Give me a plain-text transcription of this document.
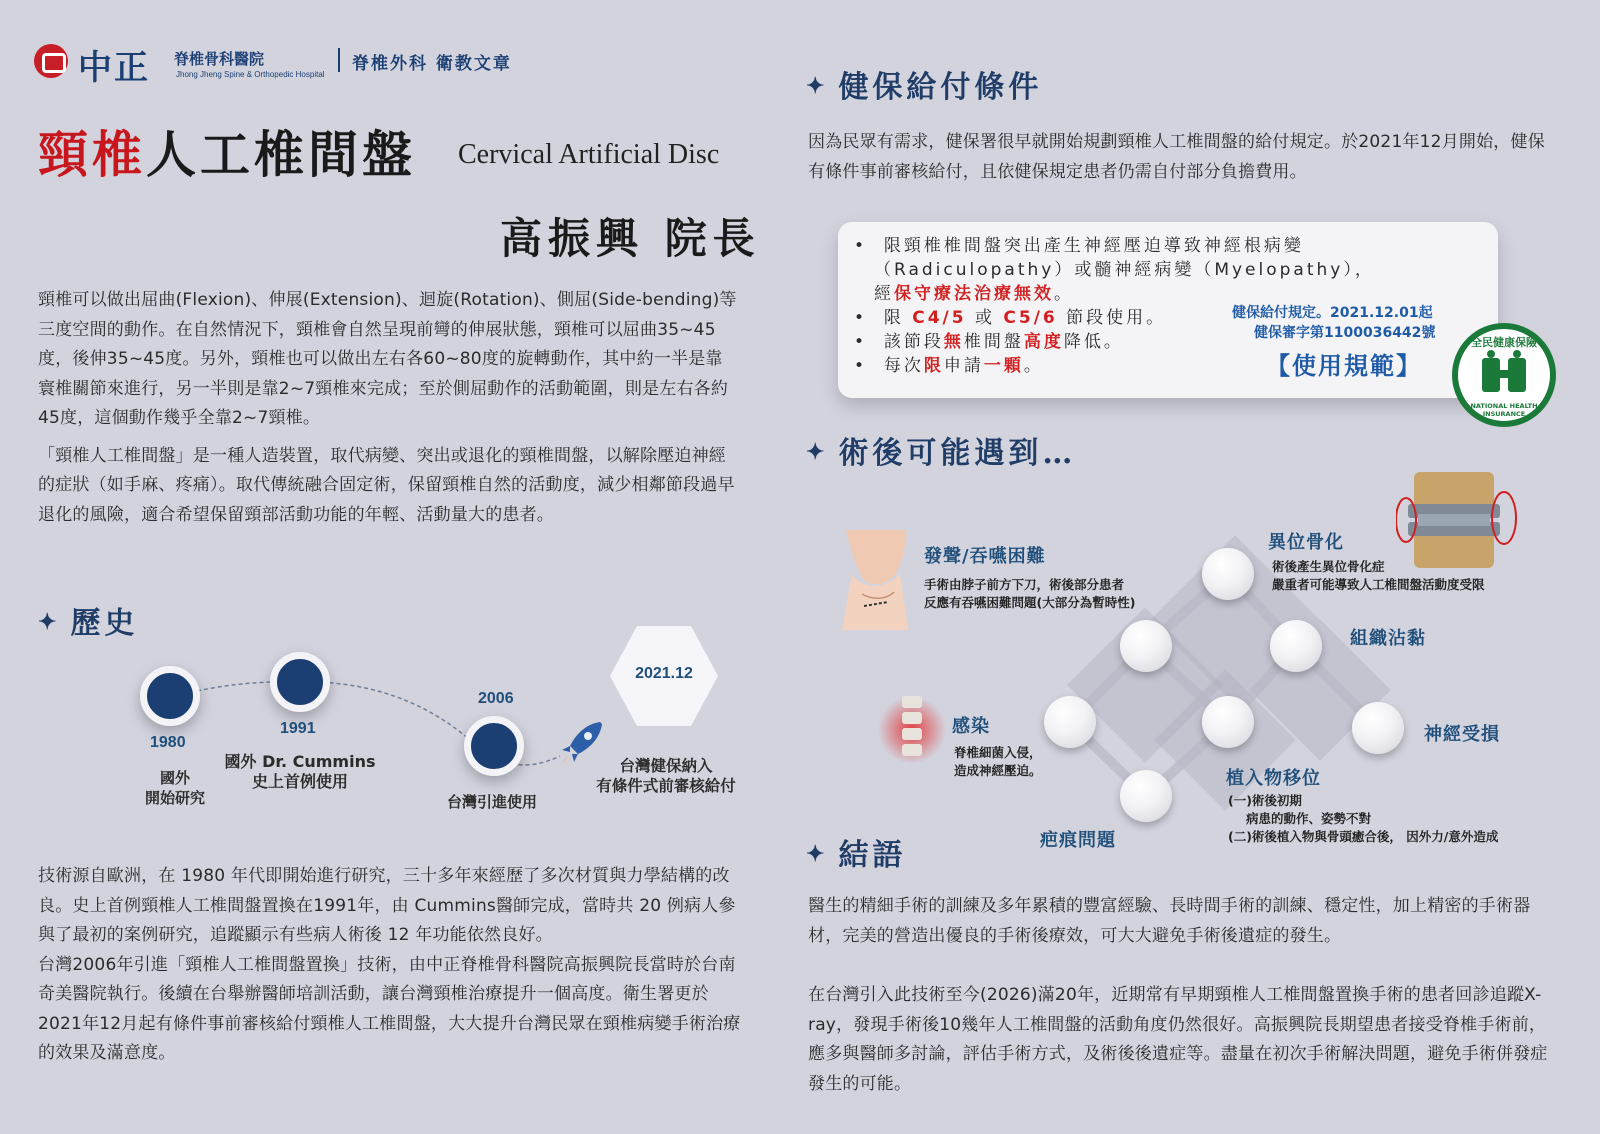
中正 脊椎骨科醫院
Jhong Jheng Spine & Orthopedic Hospital
脊椎外科 衛教文章
頸椎人工椎間盤 Cervical Artificial Disc
高振興 院長

頸椎可以做出屈曲(Flexion)、伸展(Extension)、迴旋(Rotation)、側屈(Side-bending)等三度空間的動作。在自然情況下，頸椎會自然呈現前彎的伸展狀態，頸椎可以屈曲35~45度，後伸35~45度。另外，頸椎也可以做出左右各60~80度的旋轉動作，其中約一半是靠寰椎關節來進行，另一半則是靠2~7頸椎來完成；至於側屈動作的活動範圍，則是左右各約45度，這個動作幾乎全靠2~7頸椎。

「頸椎人工椎間盤」是一種人造裝置，取代病變、突出或退化的頸椎間盤，以解除壓迫神經的症狀（如手麻、疼痛）。取代傳統融合固定術，保留頸椎自然的活動度，減少相鄰節段過早退化的風險，適合希望保留頸部活動功能的年輕、活動量大的患者。

✦ 歷史
1980
國外
開始研究
1991
國外 Dr. Cummins
史上首例使用
2006
台灣引進使用
2021.12
台灣健保納入
有條件式前審核給付

技術源自歐洲，在 1980 年代即開始進行研究，三十多年來經歷了多次材質與力學結構的改良。史上首例頸椎人工椎間盤置換在1991年，由 Cummins醫師完成，當時共 20 例病人參與了最初的案例研究，追蹤顯示有些病人術後 12 年功能依然良好。

台灣2006年引進「頸椎人工椎間盤置換」技術，由中正脊椎骨科醫院高振興院長當時於台南奇美醫院執行。後續在台舉辦醫師培訓活動，讓台灣頸椎治療提升一個高度。衛生署更於2021年12月起有條件事前審核給付頸椎人工椎間盤，大大提升台灣民眾在頸椎病變手術治療的效果及滿意度。

✦ 健保給付條件
因為民眾有需求，健保署很早就開始規劃頸椎人工椎間盤的給付規定。於2021年12月開始，健保有條件事前審核給付，且依健保規定患者仍需自付部分負擔費用。
•  限頸椎椎間盤突出產生神經壓迫導致神經根病變
（Radiculopathy）或髓神經病變（Myelopathy），
經保守療法治療無效。
•  限 C4/5 或 C5/6 節段使用。
•  該節段無椎間盤高度降低。
•  每次限申請一顆。
健保給付規定。2021.12.01起
健保審字第1100036442號
【使用規範】
全民健康保險
NATIONAL HEALTH INSURANCE
✦ 術後可能遇到…
發聲/吞嚥困難
手術由脖子前方下刀，術後部分患者
反應有吞嚥困難問題(大部分為暫時性)
異位骨化
術後產生異位骨化症
嚴重者可能導致人工椎間盤活動度受限
組織沾黏
感染
脊椎細菌入侵，
造成神經壓迫。
神經受損
植入物移位
(一)術後初期
病患的動作、姿勢不對
(二)術後植入物與骨頭癒合後， 因外力/意外造成
疤痕問題
✦ 結語

醫生的精細手術的訓練及多年累積的豐富經驗、長時間手術的訓練、穩定性，加上精密的手術器材，完美的營造出優良的手術後療效，可大大避免手術後遺症的發生。

在台灣引入此技術至今(2026)滿20年，近期常有早期頸椎人工椎間盤置換手術的患者回診追蹤X-ray，發現手術後10幾年人工椎間盤的活動角度仍然很好。高振興院長期望患者接受脊椎手術前，應多與醫師多討論，評估手術方式，及術後後遺症等。盡量在初次手術解決問題，避免手術併發症發生的可能。
